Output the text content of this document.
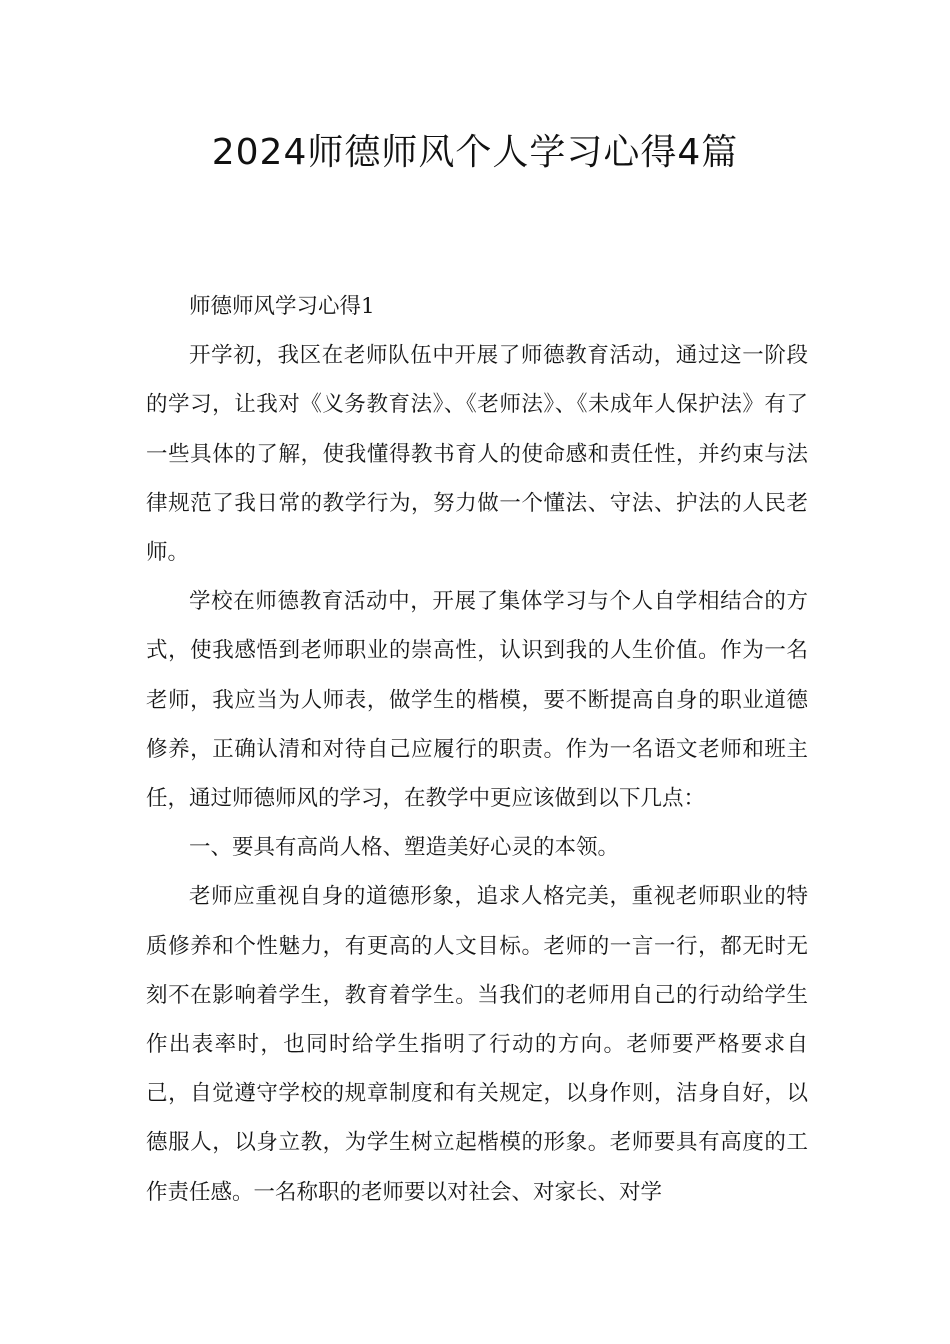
2024师德师风个人学习心得4篇

师德师风学习心得1

开学初，我区在老师队伍中开展了师德教育活动，通过这一阶段的学习，让我对《义务教育法》、《老师法》、《未成年人保护法》有了一些具体的了解，使我懂得教书育人的使命感和责任性，并约束与法律规范了我日常的教学行为，努力做一个懂法、守法、护法的人民老师。

学校在师德教育活动中，开展了集体学习与个人自学相结合的方式，使我感悟到老师职业的崇高性，认识到我的人生价值。作为一名老师，我应当为人师表，做学生的楷模，要不断提高自身的职业道德修养，正确认清和对待自己应履行的职责。作为一名语文老师和班主任，通过师德师风的学习，在教学中更应该做到以下几点：

一、要具有高尚人格、塑造美好心灵的本领。

老师应重视自身的道德形象，追求人格完美，重视老师职业的特质修养和个性魅力，有更高的人文目标。老师的一言一行，都无时无刻不在影响着学生，教育着学生。当我们的老师用自己的行动给学生作出表率时，也同时给学生指明了行动的方向。老师要严格要求自己，自觉遵守学校的规章制度和有关规定，以身作则，洁身自好，以德服人，以身立教，为学生树立起楷模的形象。老师要具有高度的工作责任感。一名称职的老师要以对社会、对家长、对学
